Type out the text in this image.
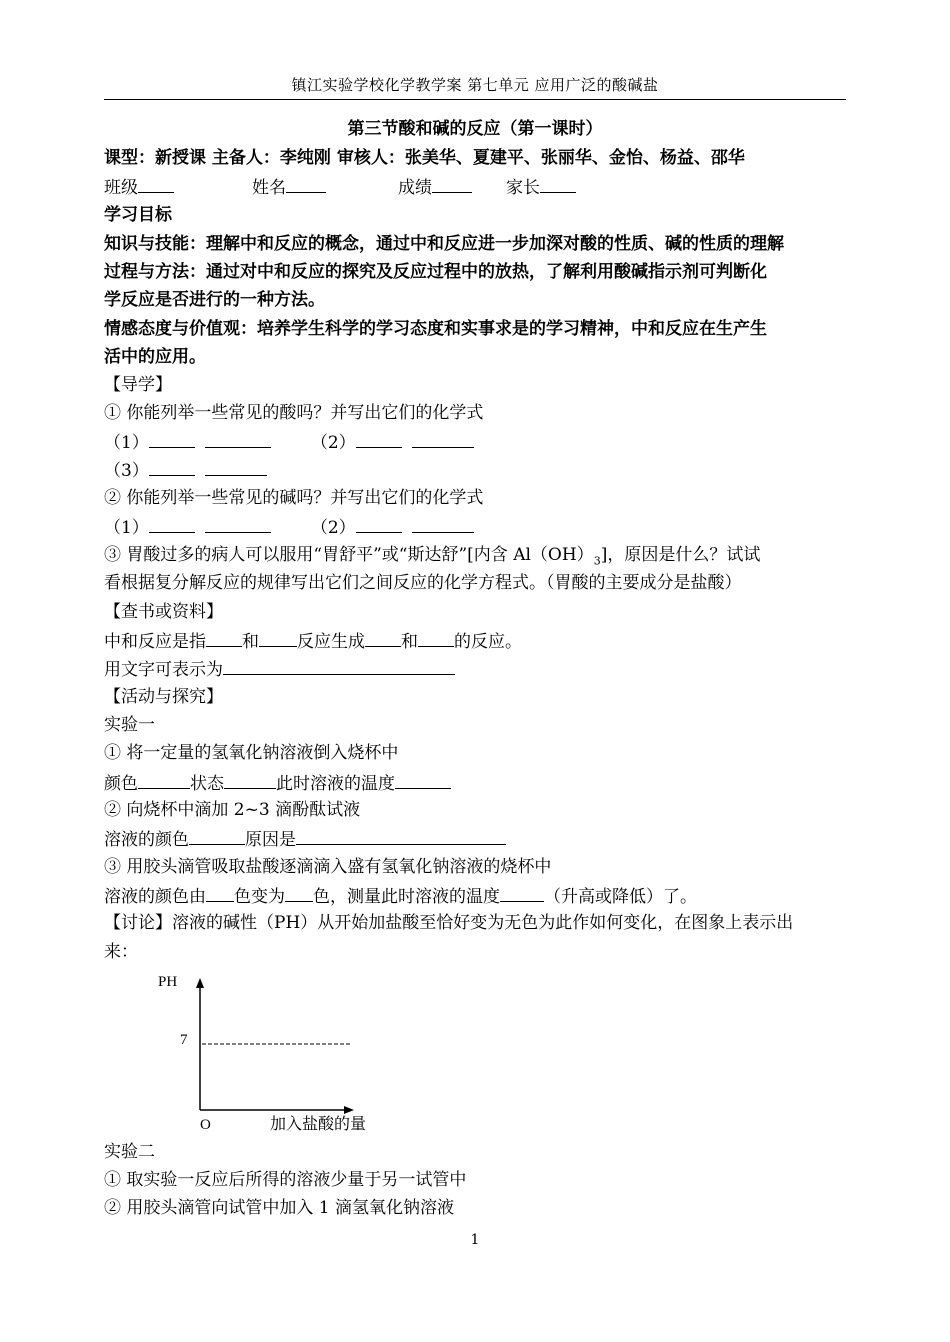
镇江实验学校化学教学案 第七单元 应用广泛的酸碱盐
第三节酸和碱的反应（第一课时）
课型：新授课 主备人：李纯刚 审核人：张美华、夏建平、张丽华、金怡、杨益、邵华
班级	姓名	成绩	家长
学习目标
知识与技能：理解中和反应的概念，通过中和反应进一步加深对酸的性质、碱的性质的理解
过程与方法：通过对中和反应的探究及反应过程中的放热，了解利用酸碱指示剂可判断化
学反应是否进行的一种方法。
情感态度与价值观：培养学生科学的学习态度和实事求是的学习精神，中和反应在生产生
活中的应用。
【导学】
① 你能列举一些常见的酸吗？并写出它们的化学式
（1）	（2）
（3）
② 你能列举一些常见的碱吗？并写出它们的化学式
（1）	（2）
③ 胃酸过多的病人可以服用“胃舒平”或“斯达舒”[内含 $Al(OH)_3$]，原因是什么？试试
看根据复分解反应的规律写出它们之间反应的化学方程式。（胃酸的主要成分是盐酸）
【查书或资料】
中和反应是指 和 反应生成 和 的反应。
用文字可表示为
【活动与探究】
实验一
① 将一定量的氢氧化钠溶液倒入烧杯中
颜色	状态	此时溶液的温度
② 向烧杯中滴加 2~3 滴酚酞试液
溶液的颜色	原因是
③ 用胶头滴管吸取盐酸逐滴滴入盛有氢氧化钠溶液的烧杯中
溶液的颜色由 色变为 色，测量此时溶液的温度	（升高或降低）了。
【讨论】溶液的碱性（PH）从开始加盐酸至恰好变为无色为此作如何变化，在图象上表示出
来：
PH
7
O	加入盐酸的量
实验二
① 取实验一反应后所得的溶液少量于另一试管中
② 用胶头滴管向试管中加入 1 滴氢氧化钠溶液
1
